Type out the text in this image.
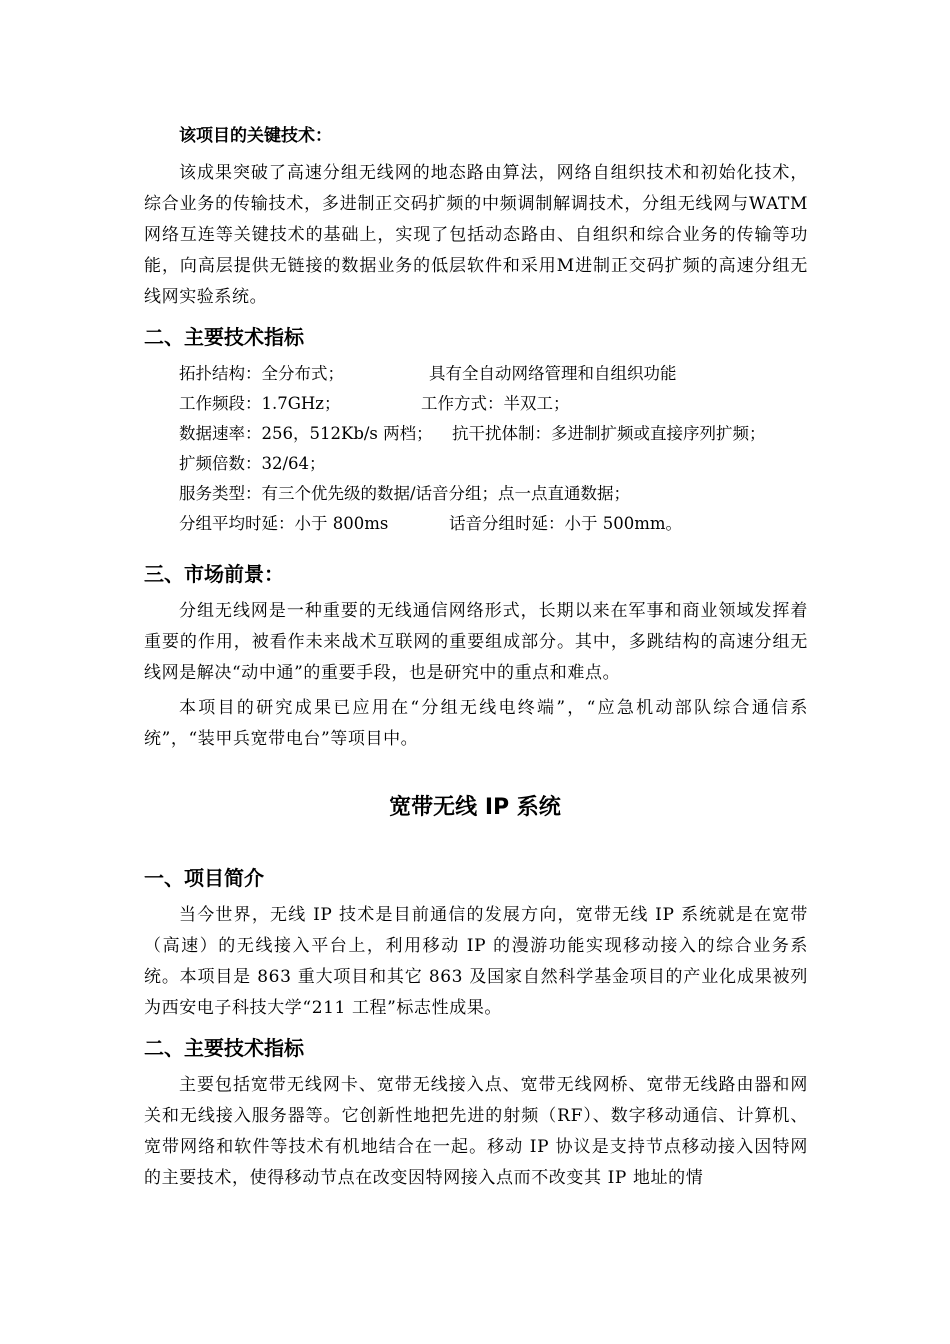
该项目的关键技术：

该成果突破了高速分组无线网的地态路由算法，网络自组织技术和初始化技术，综合业务的传输技术，多进制正交码扩频的中频调制解调技术，分组无线网与WATM网络互连等关键技术的基础上，实现了包括动态路由、自组织和综合业务的传输等功能，向高层提供无链接的数据业务的低层软件和采用M进制正交码扩频的高速分组无线网实验系统。

二、主要技术指标

拓扑结构：全分布式；	具有全自动网络管理和自组织功能

工作频段：1.7GHz；	工作方式：半双工；

数据速率：256，512Kb/s 两档； 抗干扰体制：多进制扩频或直接序列扩频；

扩频倍数：32/64；

服务类型：有三个优先级的数据/话音分组；点一点直通数据；

分组平均时延：小于 800ms	话音分组时延：小于 500mm。

三、市场前景：

分组无线网是一种重要的无线通信网络形式，长期以来在军事和商业领域发挥着重要的作用，被看作未来战术互联网的重要组成部分。其中，多跳结构的高速分组无线网是解决“动中通”的重要手段，也是研究中的重点和难点。

本项目的研究成果已应用在“分组无线电终端”，“应急机动部队综合通信系统”，“装甲兵宽带电台”等项目中。

宽带无线 IP 系统

一、项目简介

当今世界，无线 IP 技术是目前通信的发展方向，宽带无线 IP 系统就是在宽带（高速）的无线接入平台上，利用移动 IP 的漫游功能实现移动接入的综合业务系统。本项目是 863 重大项目和其它 863 及国家自然科学基金项目的产业化成果被列为西安电子科技大学“211 工程”标志性成果。

二、主要技术指标

主要包括宽带无线网卡、宽带无线接入点、宽带无线网桥、宽带无线路由器和网关和无线接入服务器等。它创新性地把先进的射频（RF）、数字移动通信、计算机、宽带网络和软件等技术有机地结合在一起。移动 IP 协议是支持节点移动接入因特网的主要技术，使得移动节点在改变因特网接入点而不改变其 IP 地址的情
